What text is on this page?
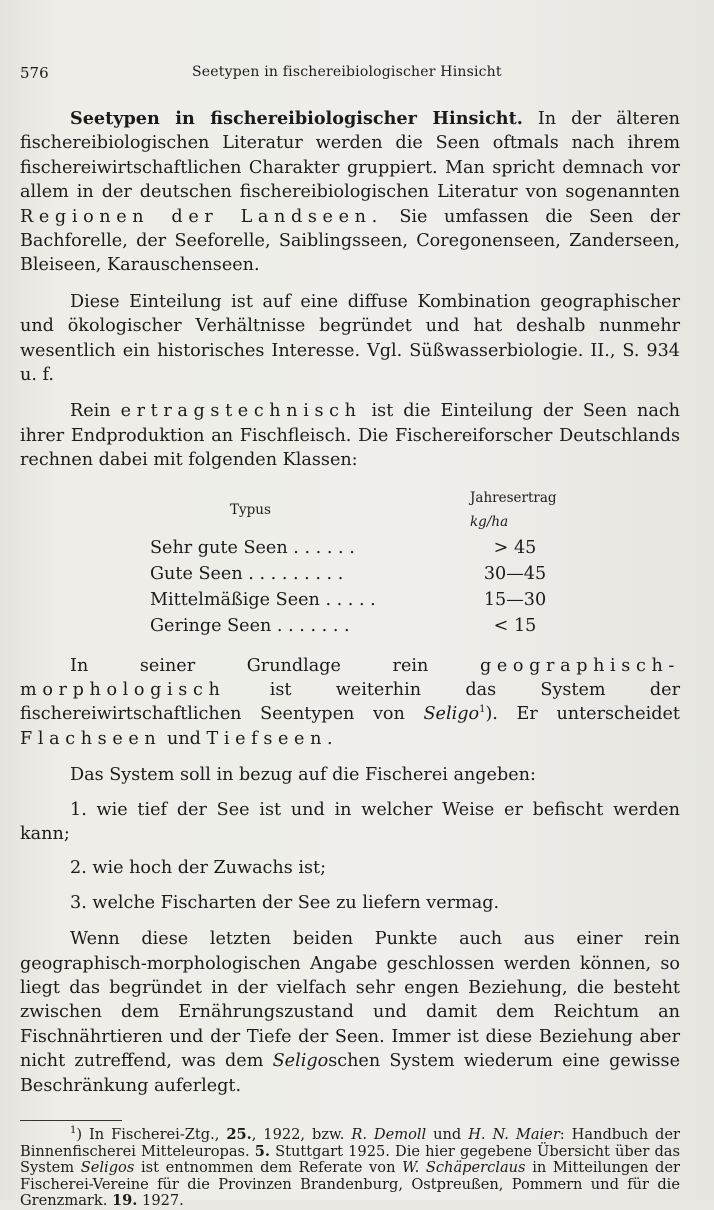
576	Seetypen in fischereibiologischer Hinsicht

Seetypen in fischereibiologischer Hinsicht. In der älteren fischereibiologischen Literatur werden die Seen oftmals nach ihrem fischereiwirtschaftlichen Charakter gruppiert. Man spricht demnach vor allem in der deutschen fischereibiologischen Literatur von sogenannten Regionen der Landseen. Sie umfassen die Seen der Bachforelle, der Seeforelle, Saiblingsseen, Coregonenseen, Zanderseen, Bleiseen, Karauschenseen.

Diese Einteilung ist auf eine diffuse Kombination geographischer und ökologischer Verhältnisse begründet und hat deshalb nunmehr wesentlich ein historisches Interesse. Vgl. Süßwasserbiologie. II., S. 934 u. f.

Rein ertragstechnisch ist die Einteilung der Seen nach ihrer Endproduktion an Fischfleisch. Die Fischereiforscher Deutschlands rechnen dabei mit folgenden Klassen:

Typus	Jahresertrag kg/ha
Sehr gute Seen . . . . . .	> 45
Gute Seen . . . . . . . . .	30—45
Mittelmäßige Seen . . . . .	15—30
Geringe Seen . . . . . . .	< 15

In seiner Grundlage rein geographisch-morphologisch ist weiterhin das System der fischereiwirtschaftlichen Seentypen von Seligo$^1$). Er unterscheidet Flachseen und Tiefseen.

Das System soll in bezug auf die Fischerei angeben:

1. wie tief der See ist und in welcher Weise er befischt werden kann;

2. wie hoch der Zuwachs ist;

3. welche Fischarten der See zu liefern vermag.

Wenn diese letzten beiden Punkte auch aus einer rein geographisch-morphologischen Angabe geschlossen werden können, so liegt das begründet in der vielfach sehr engen Beziehung, die besteht zwischen dem Ernährungszustand und damit dem Reichtum an Fischnährtieren und der Tiefe der Seen. Immer ist diese Beziehung aber nicht zutreffend, was dem Seligoschen System wiederum eine gewisse Beschränkung auferlegt.

$^1$) In Fischerei-Ztg., 25., 1922, bzw. R. Demoll und H. N. Maier: Handbuch der Binnenfischerei Mitteleuropas. 5. Stuttgart 1925. Die hier gegebene Übersicht über das System Seligos ist entnommen dem Referate von W. Schäperclaus in Mitteilungen der Fischerei-Vereine für die Provinzen Brandenburg, Ostpreußen, Pommern und für die Grenzmark. 19. 1927.
